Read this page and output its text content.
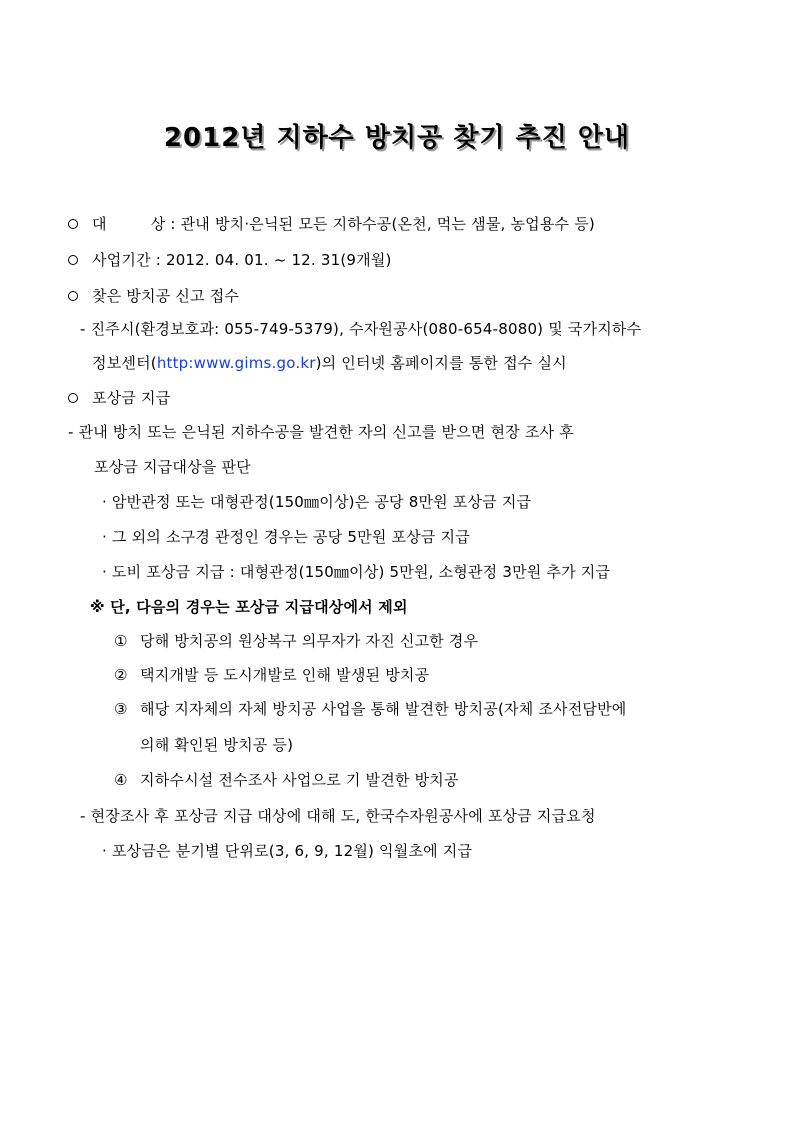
2012년 지하수 방치공 찾기 추진 안내
대	상 : 관내 방치·은닉된 모든 지하수공(온천, 먹는 샘물, 농업용수 등)
사업기간 : 2012. 04. 01. ~ 12. 31(9개월)
찾은 방치공 신고 접수
- 진주시(환경보호과: 055-749-5379), 수자원공사(080-654-8080) 및 국가지하수
정보센터(http:www.gims.go.kr)의 인터넷 홈페이지를 통한 접수 실시
포상금 지급
- 관내 방치 또는 은닉된 지하수공을 발견한 자의 신고를 받으면 현장 조사 후
포상금 지급대상을 판단
· 암반관정 또는 대형관정(150㎜이상)은 공당 8만원 포상금 지급
· 그 외의 소구경 관정인 경우는 공당 5만원 포상금 지급
· 도비 포상금 지급 : 대형관정(150㎜이상) 5만원, 소형관정 3만원 추가 지급
※ 단, 다음의 경우는 포상금 지급대상에서 제외
① 당해 방치공의 원상복구 의무자가 자진 신고한 경우
② 택지개발 등 도시개발로 인해 발생된 방치공
③ 해당 지자체의 자체 방치공 사업을 통해 발견한 방치공(자체 조사전담반에
의해 확인된 방치공 등)
④ 지하수시설 전수조사 사업으로 기 발견한 방치공
- 현장조사 후 포상금 지급 대상에 대해 도, 한국수자원공사에 포상금 지급요청
· 포상금은 분기별 단위로(3, 6, 9, 12월) 익월초에 지급
